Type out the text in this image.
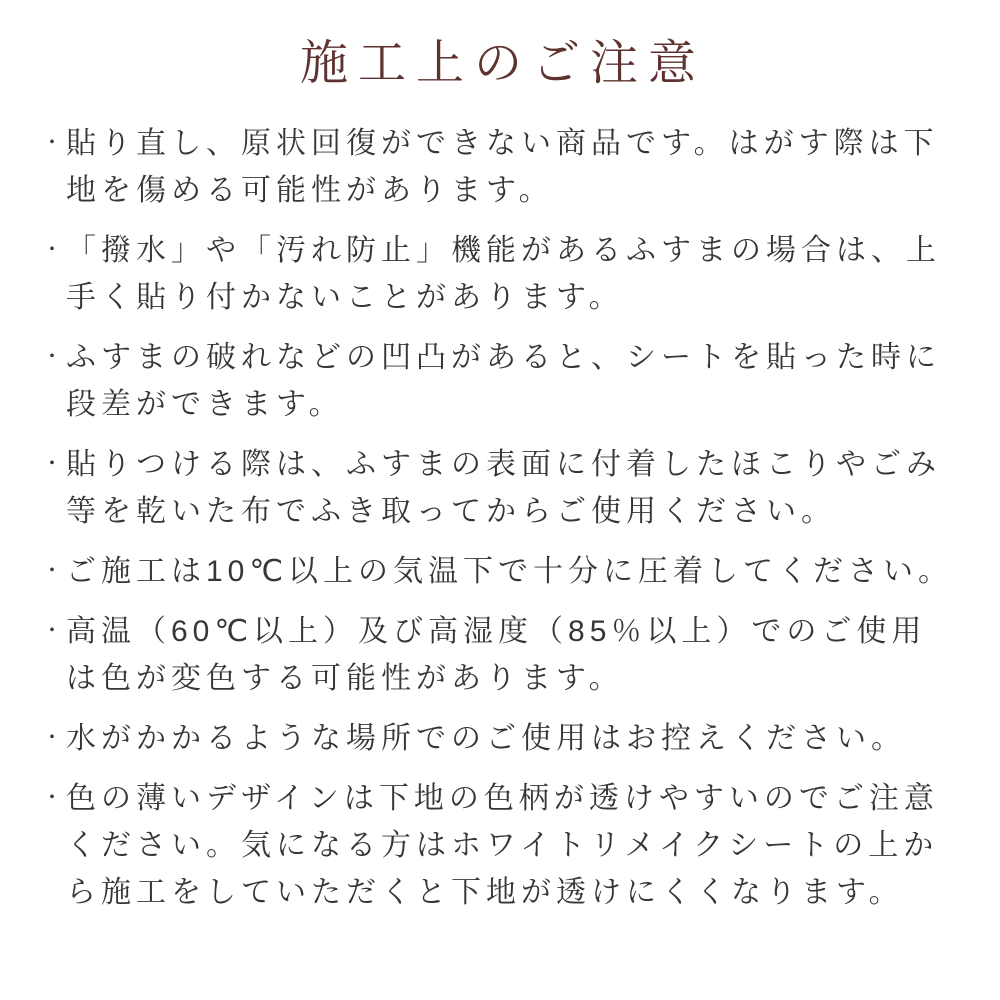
施工上のご注意
・ 貼り直し、原状回復ができない商品です。はがす際は下地を傷める可能性があります。
・ 「撥水」や「汚れ防止」機能があるふすまの場合は、上手く貼り付かないことがあります。
・ ふすまの破れなどの凹凸があると、シートを貼った時に段差ができます。
・ 貼りつける際は、ふすまの表面に付着したほこりやごみ等を乾いた布でふき取ってからご使用ください。
・ ご施工は10℃以上の気温下で十分に圧着してください。
・ 高温（60℃以上）及び高湿度（85％以上）でのご使用は色が変色する可能性があります。
・ 水がかかるような場所でのご使用はお控えください。
・ 色の薄いデザインは下地の色柄が透けやすいのでご注意ください。気になる方はホワイトリメイクシートの上から施工をしていただくと下地が透けにくくなります。
